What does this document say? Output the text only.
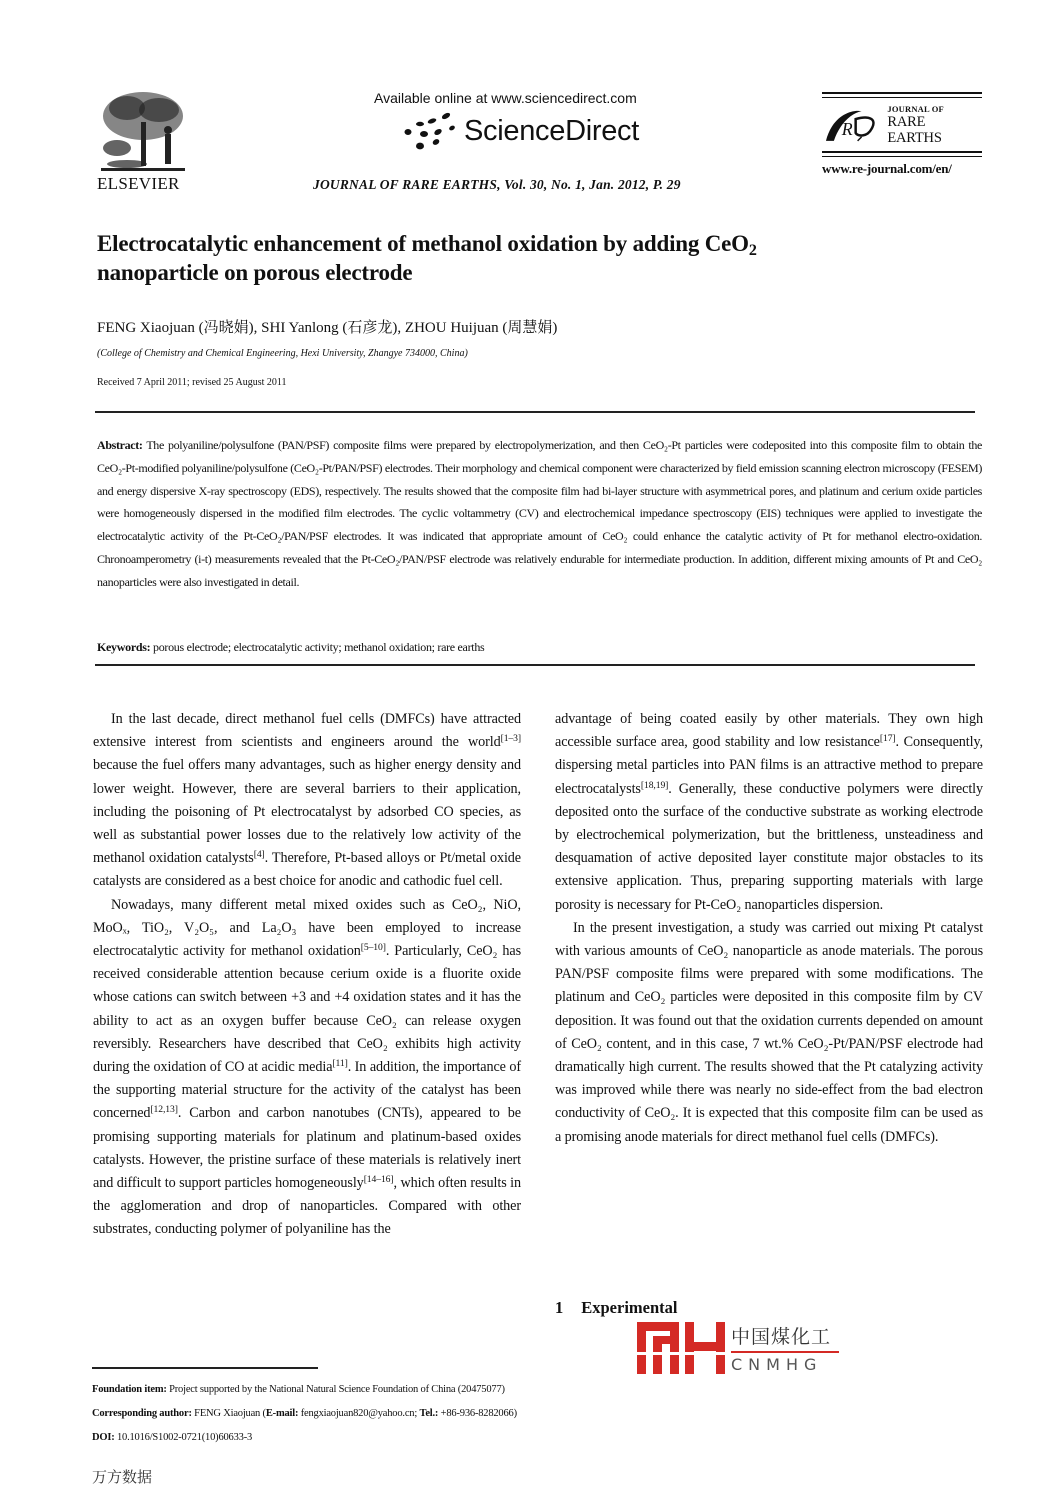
ELSEVIER
Available online at www.sciencedirect.com
ScienceDirect
JOURNAL OF RARE EARTHS, Vol. 30, No. 1, Jan. 2012, P. 29
R
JOURNAL OF
RARE EARTHS
www.re-journal.com/en/
Electrocatalytic enhancement of methanol oxidation by adding CeO$_2$
nanoparticle on porous electrode
FENG Xiaojuan (冯晓娟), SHI Yanlong (石彦龙), ZHOU Huijuan (周慧娟)
(College of Chemistry and Chemical Engineering, Hexi University, Zhangye 734000, China)
Received 7 April 2011; revised 25 August 2011
Abstract: The polyaniline/polysulfone (PAN/PSF) composite films were prepared by electropolymerization, and then CeO₂-Pt particles were codeposited into this composite film to obtain the CeO₂-Pt-modified polyaniline/polysulfone (CeO₂-Pt/PAN/PSF) electrodes. Their morphology and chemical component were characterized by field emission scanning electron microscopy (FESEM) and energy dispersive X-ray spectroscopy (EDS), respectively. The results showed that the composite film had bi-layer structure with asymmetrical pores, and platinum and cerium oxide particles were homogeneously dispersed in the modified film electrodes. The cyclic voltammetry (CV) and electrochemical impedance spectroscopy (EIS) techniques were applied to investigate the electrocatalytic activity of the Pt-CeO₂/PAN/PSF electrodes. It was indicated that appropriate amount of CeO₂ could enhance the catalytic activity of Pt for methanol electro-oxidation. Chronoamperometry (i-t) measurements revealed that the Pt-CeO₂/PAN/PSF electrode was relatively endurable for intermediate production. In addition, different mixing amounts of Pt and CeO₂ nanoparticles were also investigated in detail.
Keywords: porous electrode; electrocatalytic activity; methanol oxidation; rare earths

In the last decade, direct methanol fuel cells (DMFCs) have attracted extensive interest from scientists and engineers around the world[1–3] because the fuel offers many advantages, such as higher energy density and lower weight. However, there are several barriers to their application, including the poisoning of Pt electrocatalyst by adsorbed CO species, as well as substantial power losses due to the relatively low activity of the methanol oxidation catalysts[4]. Therefore, Pt-based alloys or Pt/metal oxide catalysts are considered as a best choice for anodic and cathodic fuel cell.

Nowadays, many different metal mixed oxides such as CeO₂, NiO, MoOₓ, TiO₂, V₂O₅, and La₂O₃ have been employed to increase electrocatalytic activity for methanol oxidation[5–10]. Particularly, CeO₂ has received considerable attention because cerium oxide is a fluorite oxide whose cations can switch between +3 and +4 oxidation states and it has the ability to act as an oxygen buffer because CeO₂ can release oxygen reversibly. Researchers have described that CeO₂ exhibits high activity during the oxidation of CO at acidic media[11]. In addition, the importance of the supporting material structure for the activity of the catalyst has been concerned[12,13]. Carbon and carbon nanotubes (CNTs), appeared to be promising supporting materials for platinum and platinum-based oxides catalysts. However, the pristine surface of these materials is relatively inert and difficult to support particles homogeneously[14–16], which often results in the agglomeration and drop of nanoparticles. Compared with other substrates, conducting polymer of polyaniline has the

advantage of being coated easily by other materials. They own high accessible surface area, good stability and low resistance[17]. Consequently, dispersing metal particles into PAN films is an attractive method to prepare electrocatalysts[18,19]. Generally, these conductive polymers were directly deposited onto the surface of the conductive substrate as working electrode by electrochemical polymerization, but the brittleness, unsteadiness and desquamation of active deposited layer constitute major obstacles to its extensive application. Thus, preparing supporting materials with large porosity is necessary for Pt-CeO₂ nanoparticles dispersion.

In the present investigation, a study was carried out mixing Pt catalyst with various amounts of CeO₂ nanoparticle as anode materials. The porous PAN/PSF composite films were prepared with some modifications. The platinum and CeO₂ particles were deposited in this composite film by CV deposition. It was found out that the oxidation currents depended on amount of CeO₂ content, and in this case, 7 wt.% CeO₂-Pt/PAN/PSF electrode had dramatically high current. The results showed that the Pt catalyzing activity was improved while there was nearly no side-effect from the bad electron conductivity of CeO₂. It is expected that this composite film can be used as a promising anode materials for direct methanol fuel cells (DMFCs).

1 Experimental
中国煤化工
CNMHG
Foundation item: Project supported by the National Natural Science Foundation of China (20475077)
Corresponding author: FENG Xiaojuan (E-mail: fengxiaojuan820@yahoo.cn; Tel.: +86-936-8282066)
DOI: 10.1016/S1002-0721(10)60633-3
万方数据
